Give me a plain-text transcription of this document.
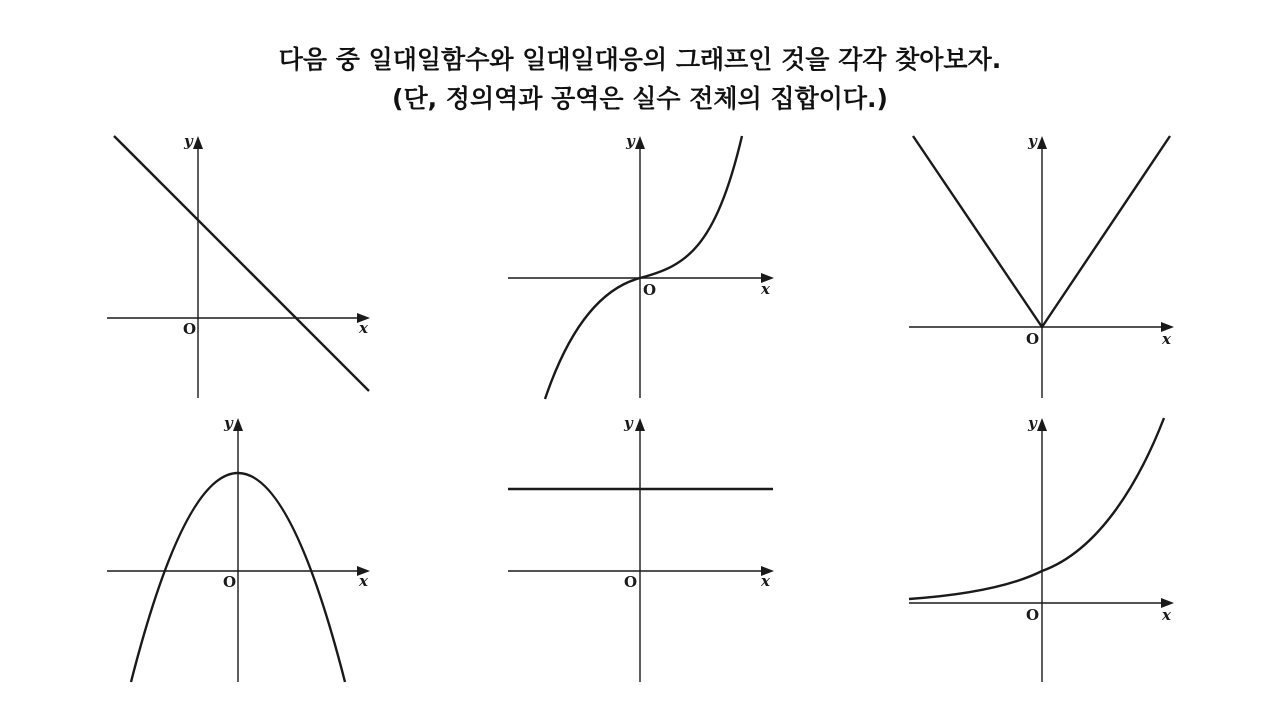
다음 중 일대일함수와 일대일대응의 그래프인 것을 각각 찾아보자.
(단, 정의역과 공역은 실수 전체의 집합이다.)
y
x
O
y
x
O
y
x
O
y
x
O
y
x
O
y
x
O
